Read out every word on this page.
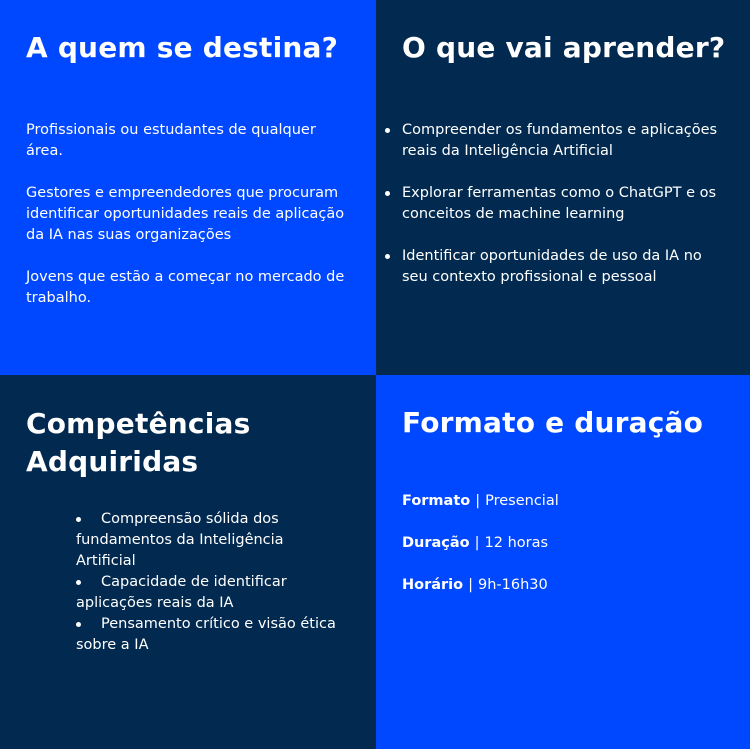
A quem se destina?

Profissionais ou estudantes de qualquer área.

Gestores e empreendedores que procuram identificar oportunidades reais de aplicação da IA nas suas organizações

Jovens que estão a começar no mercado de trabalho.

O que vai aprender?
Compreender os fundamentos e aplicações reais da Inteligência Artificial
Explorar ferramentas como o ChatGPT e os conceitos de machine learning
Identificar oportunidades de uso da IA no seu contexto profissional e pessoal
Competências
Adquiridas
Compreensão sólida dos fundamentos da Inteligência Artificial
Capacidade de identificar aplicações reais da IA
Pensamento crítico e visão ética sobre a IA
Formato e duração
Formato | Presencial
Duração | 12 horas
Horário | 9h-16h30
